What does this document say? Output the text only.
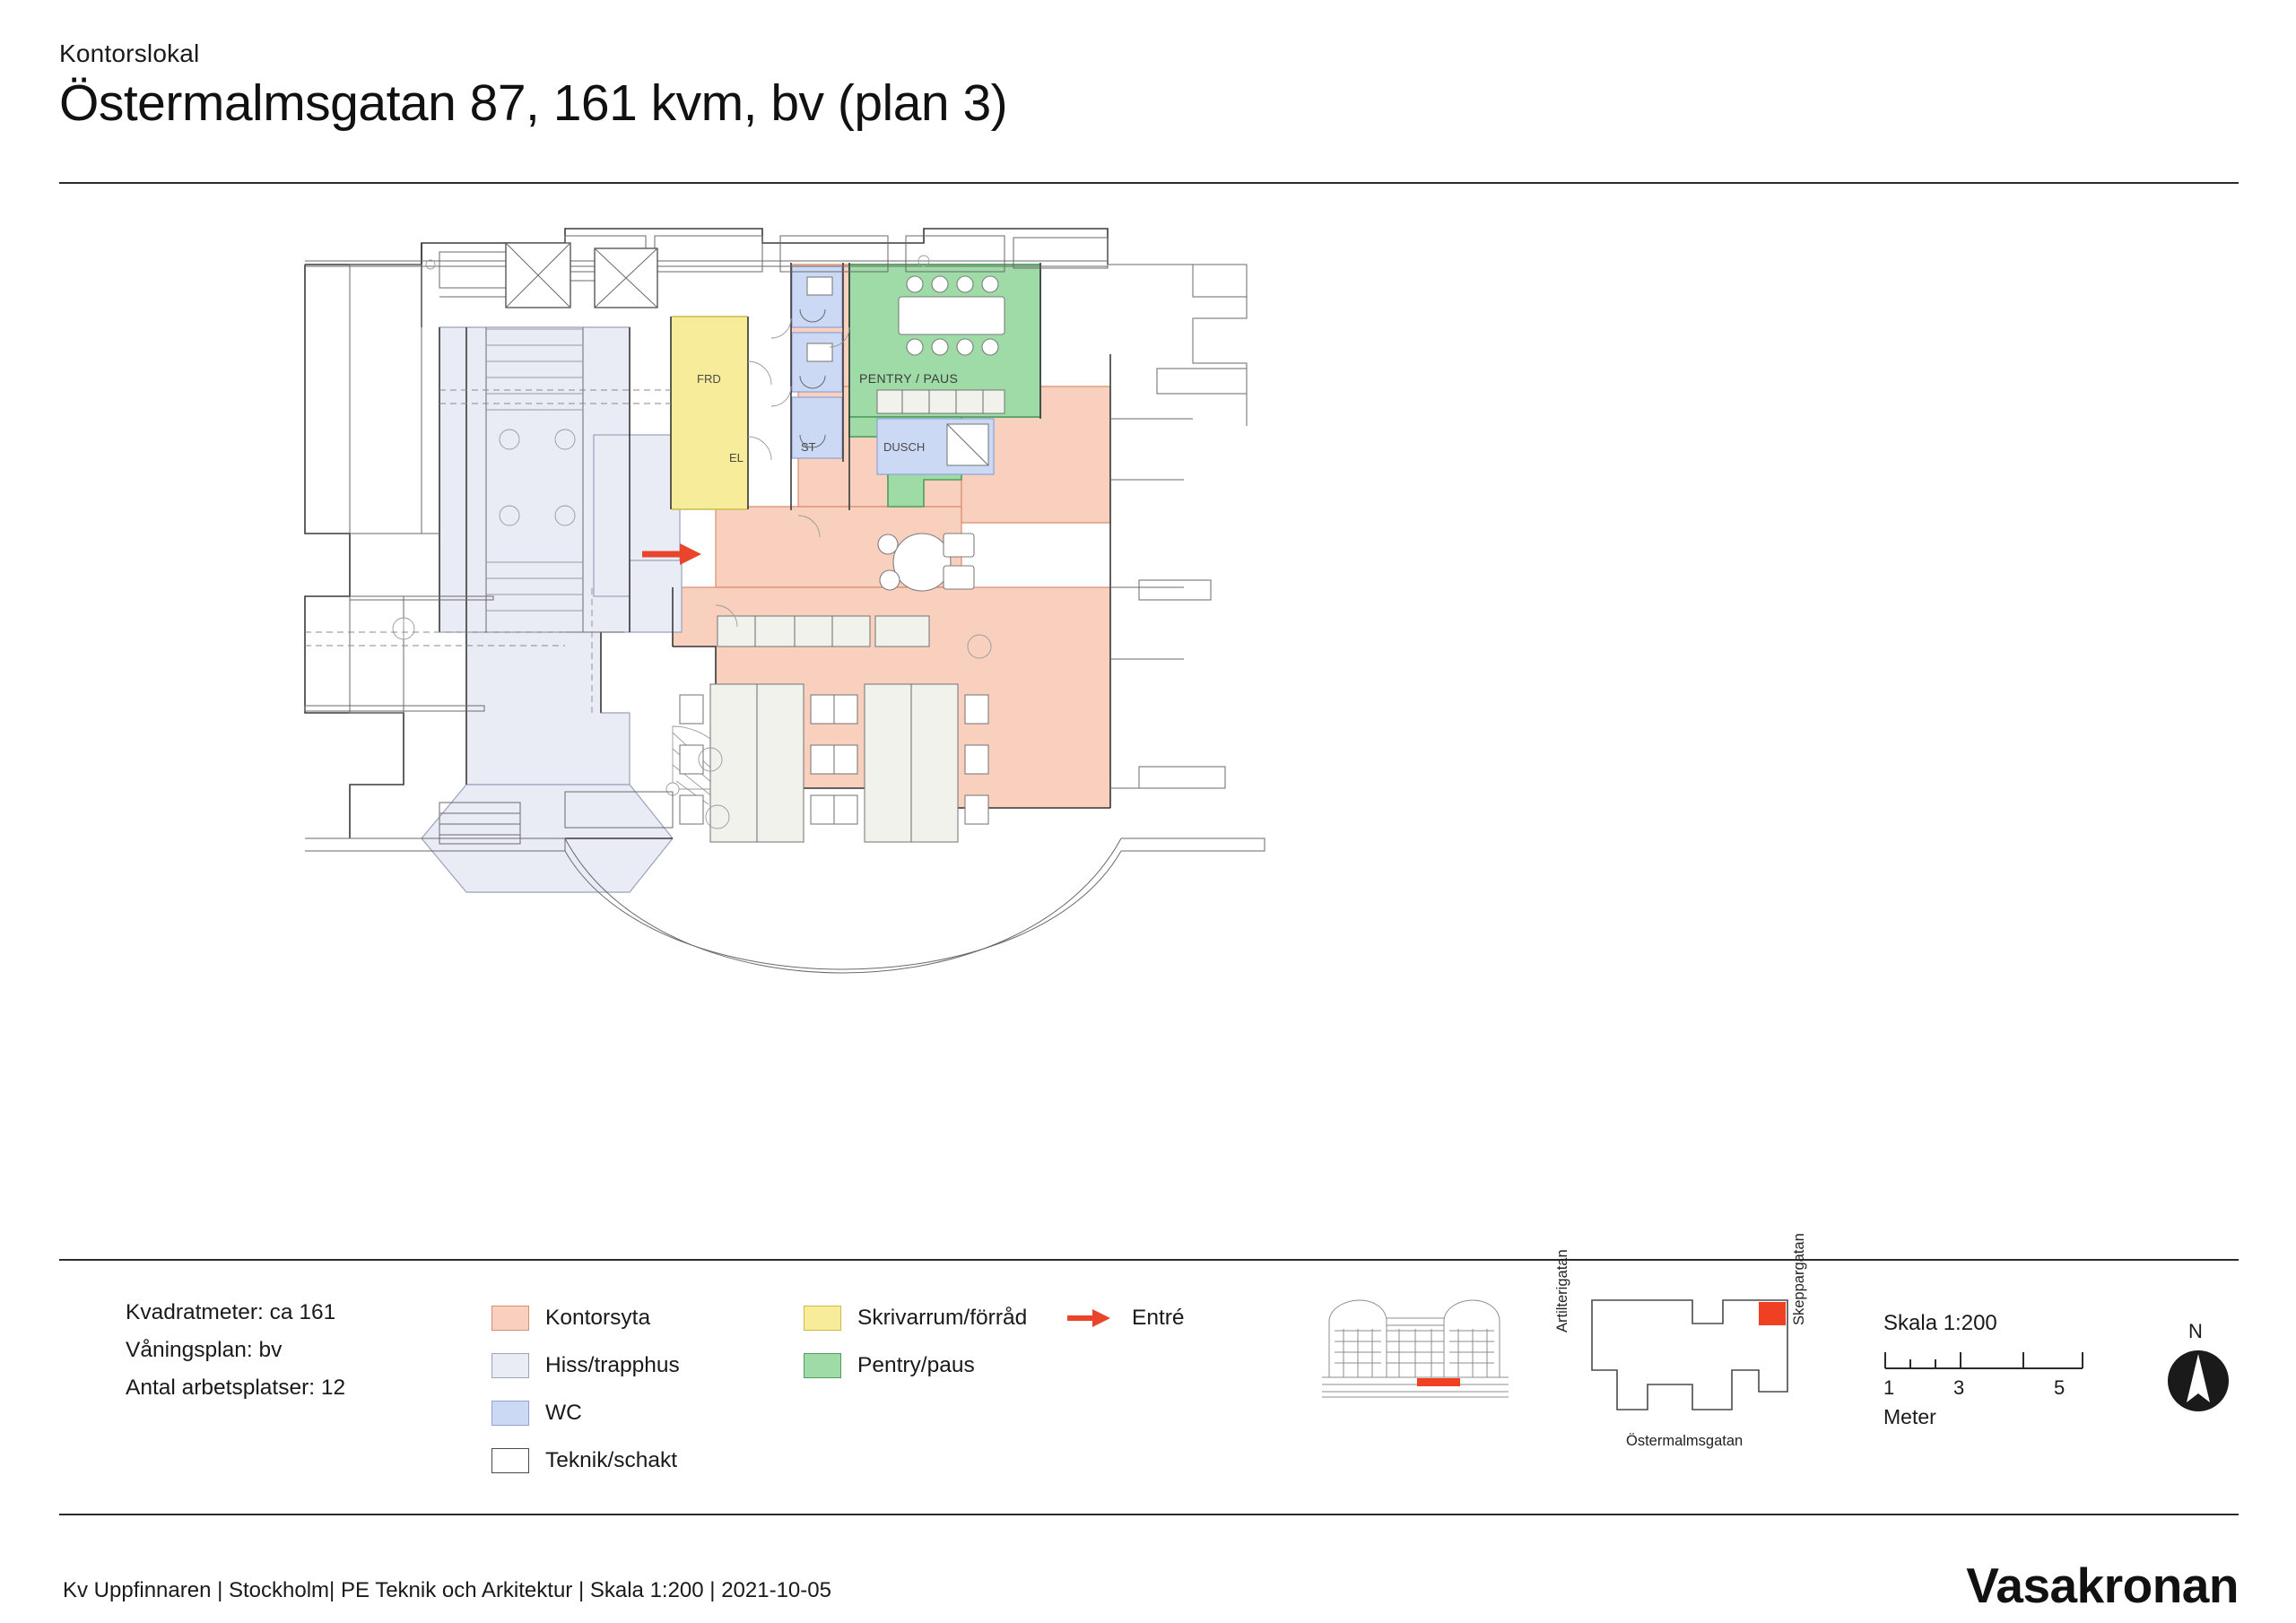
Kontorslokal
Östermalmsgatan 87, 161 kvm, bv (plan 3)
FRD
EL
ST
PENTRY / PAUS
DUSCH
Kvadratmeter: ca 161
Våningsplan: bv
Antal arbetsplatser: 12
Kontorsyta
Hiss/trapphus
WC
Teknik/schakt
Skrivarrum/förråd
Pentry/paus
Entré	Artilterigatan	Skeppargatan
Östermalmsgatan
Skala 1:200
1	3	5
Meter
N
Kv Uppfinnaren | Stockholm| PE Teknik och Arkitektur | Skala 1:200 | 2021-10-05	Vasakronan
